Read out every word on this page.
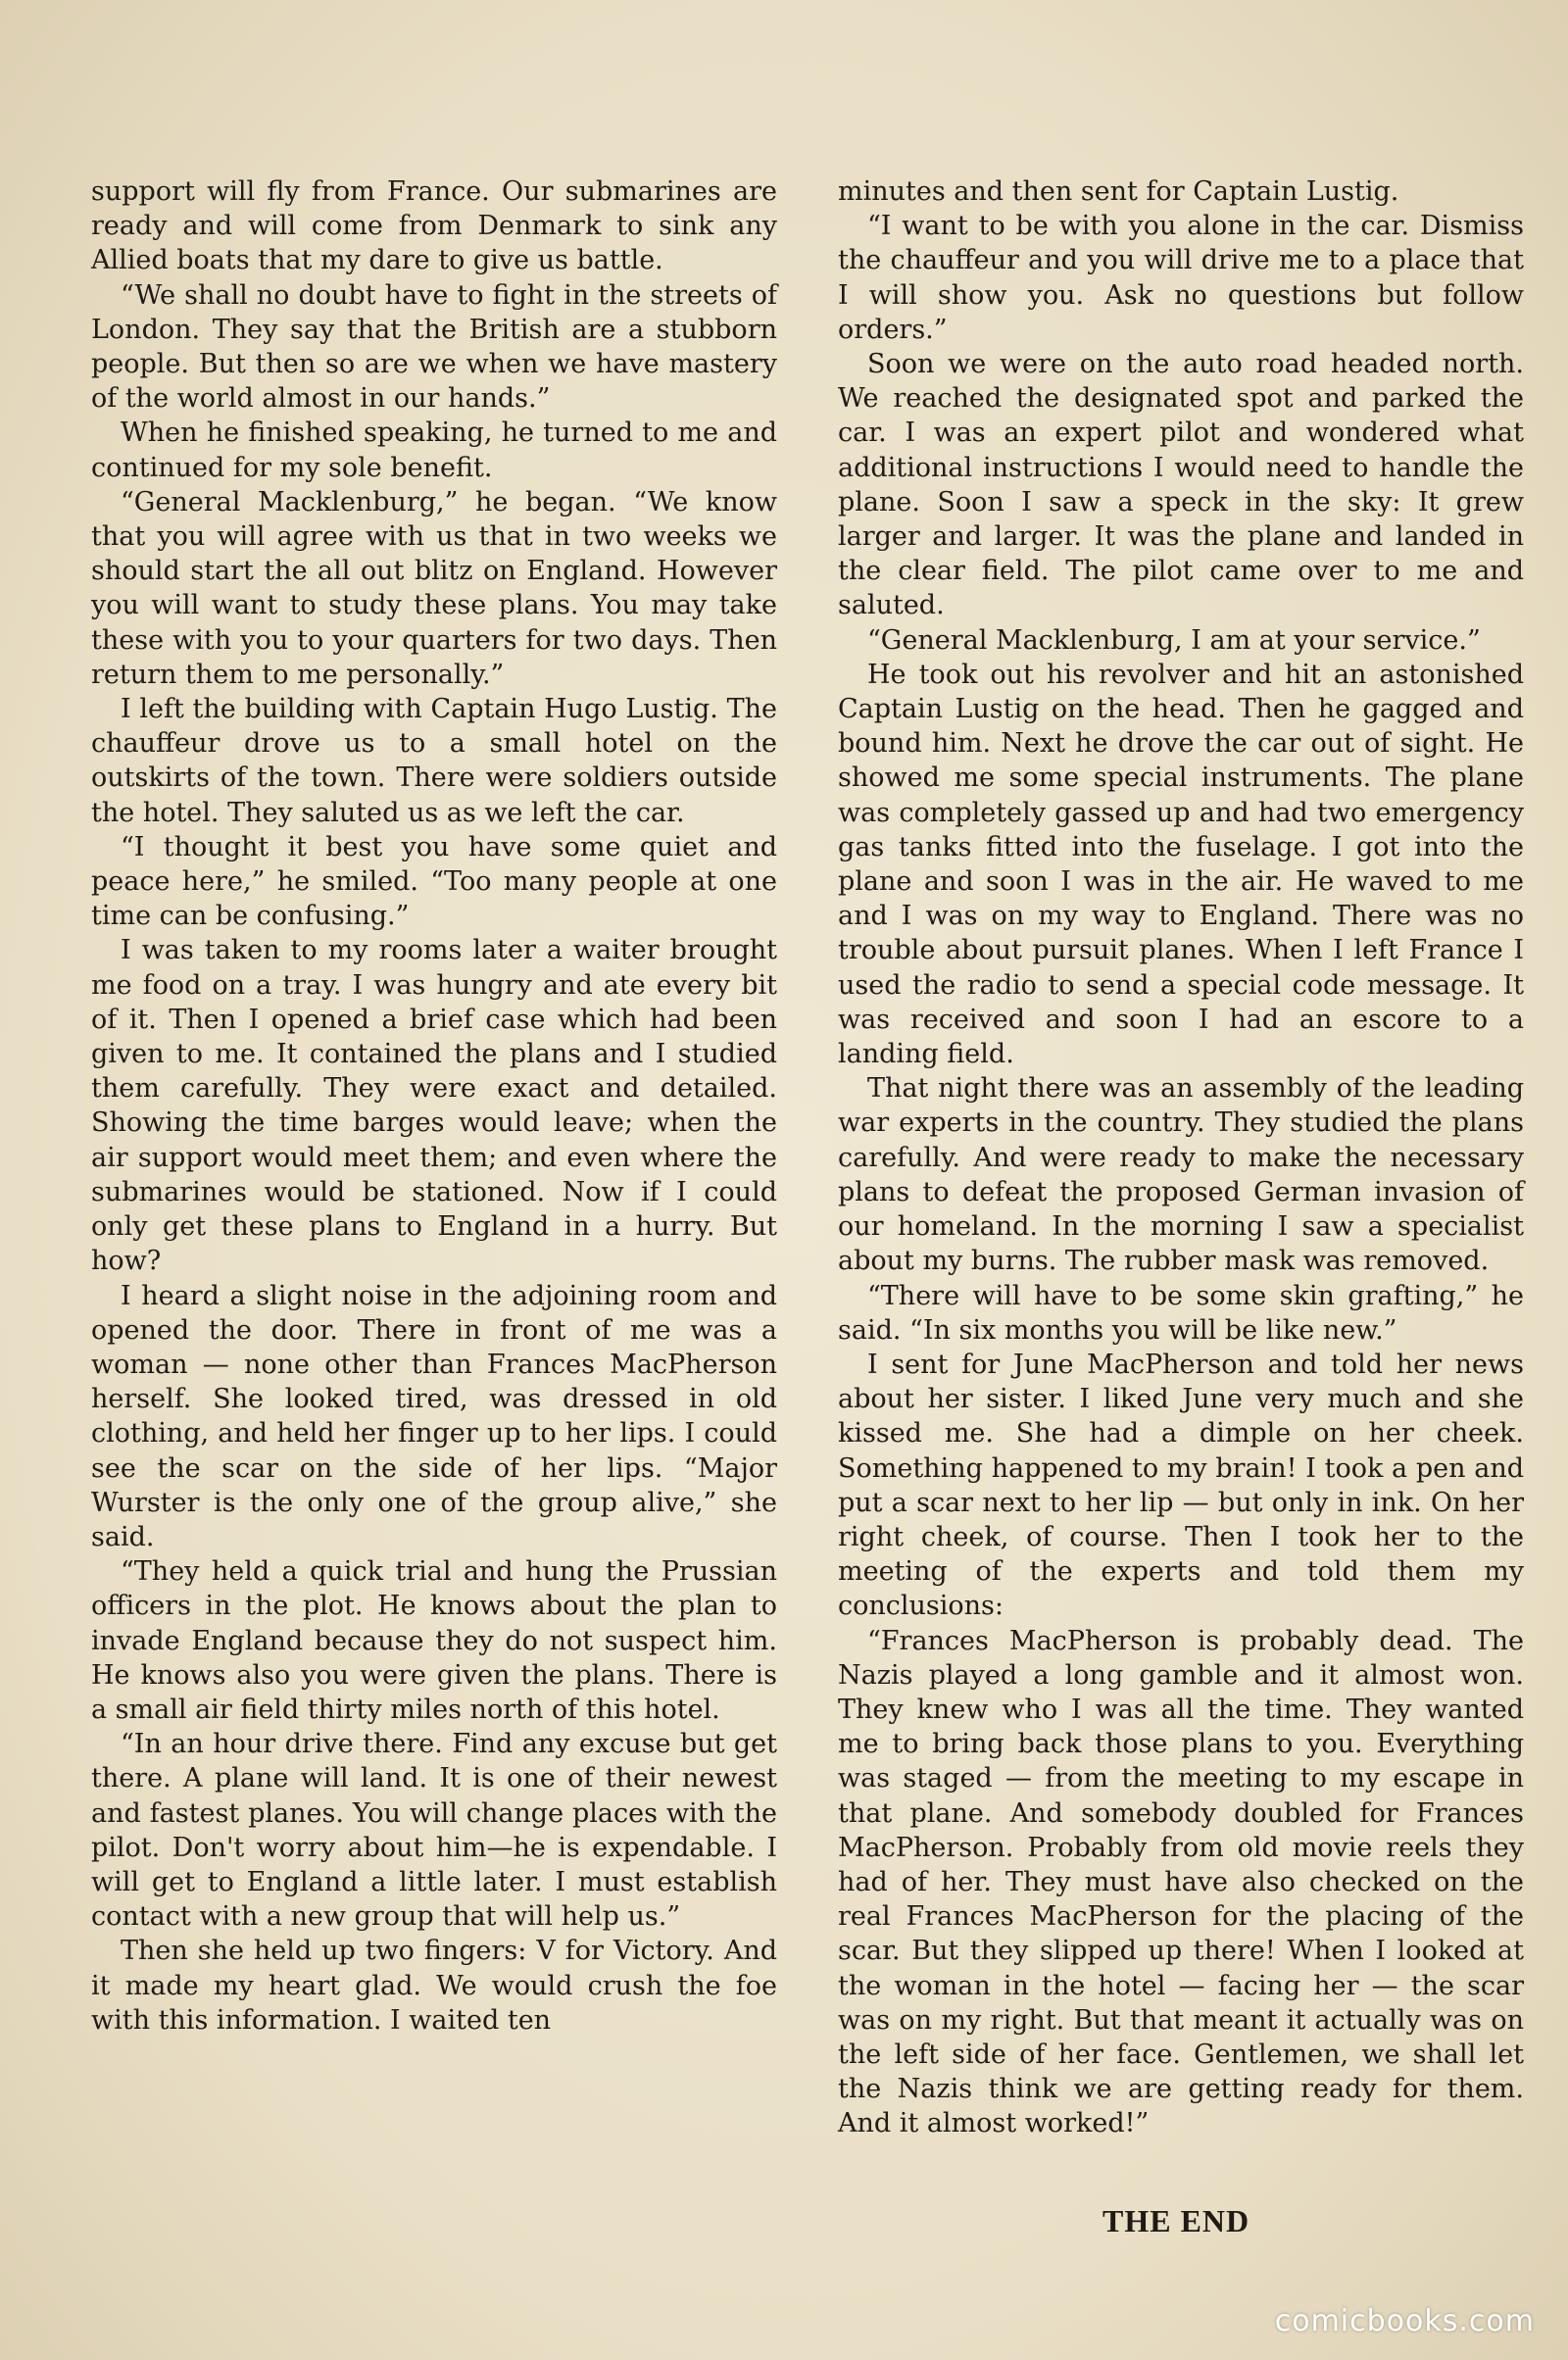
support will fly from France. Our submarines are ready and will come from Denmark to sink any Allied boats that my dare to give us battle.

“We shall no doubt have to fight in the streets of London. They say that the British are a stubborn people. But then so are we when we have mastery of the world almost in our hands.”

When he finished speaking, he turned to me and continued for my sole benefit.

“General Macklenburg,” he began. “We know that you will agree with us that in two weeks we should start the all out blitz on England. However you will want to study these plans. You may take these with you to your quarters for two days. Then return them to me personally.”

I left the building with Captain Hugo Lustig. The chauffeur drove us to a small hotel on the outskirts of the town. There were soldiers outside the hotel. They saluted us as we left the car.

“I thought it best you have some quiet and peace here,” he smiled. “Too many people at one time can be confusing.”

I was taken to my rooms later a waiter brought me food on a tray. I was hungry and ate every bit of it. Then I opened a brief case which had been given to me. It contained the plans and I studied them carefully. They were exact and detailed. Showing the time barges would leave; when the air support would meet them; and even where the submarines would be stationed. Now if I could only get these plans to England in a hurry. But how?

I heard a slight noise in the adjoining room and opened the door. There in front of me was a woman — none other than Frances MacPherson herself. She looked tired, was dressed in old clothing, and held her finger up to her lips. I could see the scar on the side of her lips. “Major Wurster is the only one of the group alive,” she said.

“They held a quick trial and hung the Prussian officers in the plot. He knows about the plan to invade England because they do not suspect him. He knows also you were given the plans. There is a small air field thirty miles north of this hotel.

“In an hour drive there. Find any excuse but get there. A plane will land. It is one of their newest and fastest planes. You will change places with the pilot. Don't worry about him—he is expendable. I will get to England a little later. I must establish contact with a new group that will help us.”

Then she held up two fingers: V for Victory. And it made my heart glad. We would crush the foe with this information. I waited ten

minutes and then sent for Captain Lustig.

“I want to be with you alone in the car. Dismiss the chauffeur and you will drive me to a place that I will show you. Ask no questions but follow orders.”

Soon we were on the auto road headed north. We reached the designated spot and parked the car. I was an expert pilot and wondered what additional instructions I would need to handle the plane. Soon I saw a speck in the sky: It grew larger and larger. It was the plane and landed in the clear field. The pilot came over to me and saluted.

“General Macklenburg, I am at your service.”

He took out his revolver and hit an astonished Captain Lustig on the head. Then he gagged and bound him. Next he drove the car out of sight. He showed me some special instruments. The plane was completely gassed up and had two emergency gas tanks fitted into the fuselage. I got into the plane and soon I was in the air. He waved to me and I was on my way to England. There was no trouble about pursuit planes. When I left France I used the radio to send a special code message. It was received and soon I had an escore to a landing field.

That night there was an assembly of the leading war experts in the country. They studied the plans carefully. And were ready to make the necessary plans to defeat the proposed German invasion of our homeland. In the morning I saw a specialist about my burns. The rubber mask was removed.

“There will have to be some skin grafting,” he said. “In six months you will be like new.”

I sent for June MacPherson and told her news about her sister. I liked June very much and she kissed me. She had a dimple on her cheek. Something happened to my brain! I took a pen and put a scar next to her lip — but only in ink. On her right cheek, of course. Then I took her to the meeting of the experts and told them my conclusions:

“Frances MacPherson is probably dead. The Nazis played a long gamble and it almost won. They knew who I was all the time. They wanted me to bring back those plans to you. Everything was staged — from the meeting to my escape in that plane. And somebody doubled for Frances MacPherson. Probably from old movie reels they had of her. They must have also checked on the real Frances MacPherson for the placing of the scar. But they slipped up there! When I looked at the woman in the hotel — facing her — the scar was on my right. But that meant it actually was on the left side of her face. Gentlemen, we shall let the Nazis think we are getting ready for them. And it almost worked!”

THE END
comicbooks.com
